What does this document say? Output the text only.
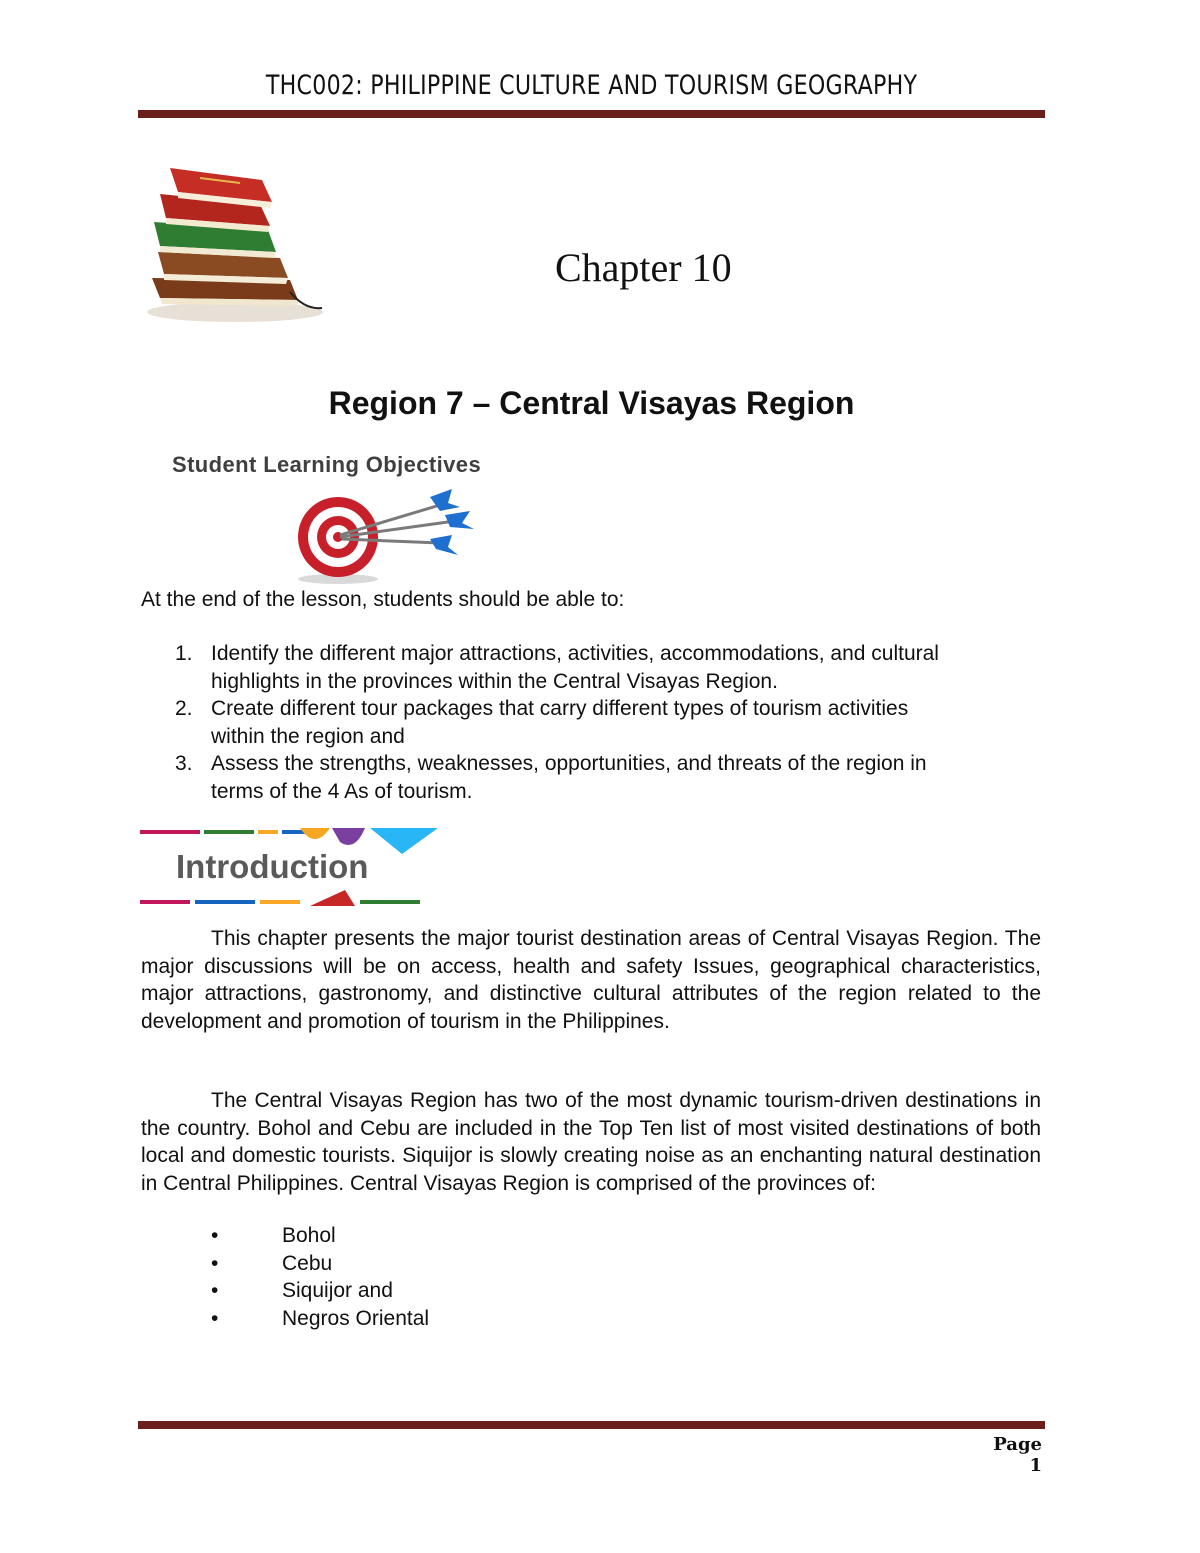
THC002: PHILIPPINE CULTURE AND TOURISM GEOGRAPHY
Chapter 10
Region 7 – Central Visayas Region
Student Learning Objectives
At the end of the lesson, students should be able to:
1. Identify the different major attractions, activities, accommodations, and cultural
highlights in the provinces within the Central Visayas Region.
2. Create different tour packages that carry different types of tourism activities
within the region and
3. Assess the strengths, weaknesses, opportunities, and threats of the region in
terms of the 4 As of tourism.
Introduction

This chapter presents the major tourist destination areas of Central Visayas Region. The major discussions will be on access, health and safety Issues, geographical characteristics, major attractions, gastronomy, and distinctive cultural attributes of the region related to the development and promotion of tourism in the Philippines.

The Central Visayas Region has two of the most dynamic tourism-driven destinations in the country. Bohol and Cebu are included in the Top Ten list of most visited destinations of both local and domestic tourists. Siquijor is slowly creating noise as an enchanting natural destination in Central Philippines. Central Visayas Region is comprised of the provinces of:

•	Bohol
•	Cebu
•	Siquijor and
•	Negros Oriental
Page 1
